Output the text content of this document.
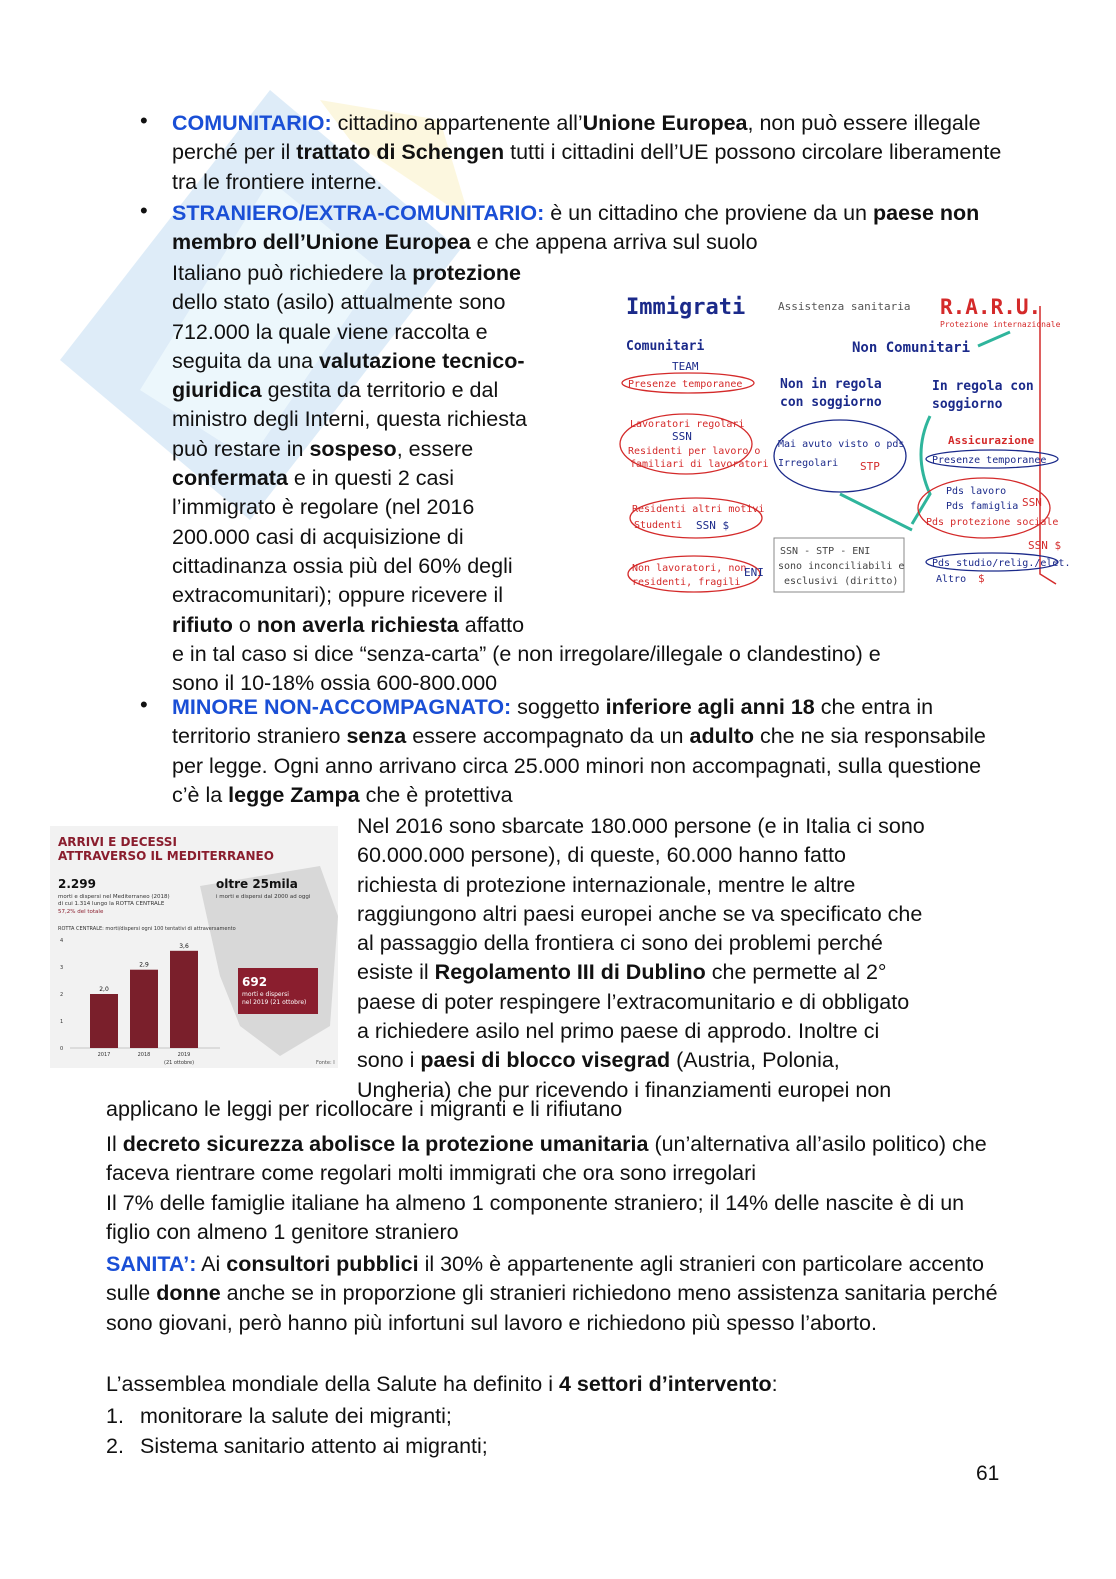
• COMUNITARIO: cittadino appartenente all’Unione Europea, non può essere illegale perché per il trattato di Schengen tutti i cittadini dell’UE possono circolare liberamente tra le frontiere interne.
• STRANIERO/EXTRA-COMUNITARIO: è un cittadino che proviene da un paese non membro dell’Unione Europea e che appena arriva sul suolo
Italiano può richiedere la protezione
dello stato (asilo) attualmente sono
712.000 la quale viene raccolta e
seguita da una valutazione tecnico-
giuridica gestita da territorio e dal
ministro degli Interni, questa richiesta
può restare in sospeso, essere
confermata e in questi 2 casi
l’immigrato è regolare (nel 2016
200.000 casi di acquisizione di
cittadinanza ossia più del 60% degli
extracomunitari); oppure ricevere il
rifiuto o non averla richiesta affatto
e in tal caso si dice “senza-carta” (e non irregolare/illegale o clandestino) e
sono il 10-18% ossia 600-800.000
Immigrati	Assistenza sanitaria R.A.R.U.
Protezione internazionale
Comunitari
TEAM
Presenze temporanee
Non Comunitari
Non in regola
con soggiorno
In regola con
soggiorno
Lavoratori regolari
SSN
Residenti per lavoro o
familiari di lavoratori
Mai avuto visto o pds
Irregolari STP
Assicurazione
Presenze temporanee
Residenti altri motivi
Studenti SSN $
Pds lavoro
Pds famiglia SSN
Pds protezione sociale
SSN $
Non lavoratori, non
residenti, fragili
ENI
SSN - STP - ENI
sono inconciliabili e
esclusivi (diritto)
Pds studio/relig./elet.
Altro $
• MINORE NON-ACCOMPAGNATO: soggetto inferiore agli anni 18 che entra in territorio straniero senza essere accompagnato da un adulto che ne sia responsabile per legge. Ogni anno arrivano circa 25.000 minori non accompagnati, sulla questione c’è la legge Zampa che è protettiva
ARRIVI E DECESSI
ATTRAVERSO IL MEDITERRANEO
2.299
morti e dispersi nel Mediterraneo (2018)
di cui 1.314 lungo la ROTTA CENTRALE
57,2% del totale
oltre 25mila
i morti e dispersi dal 2000 ad oggi
ROTTA CENTRALE: morti/dispersi ogni 100 tentativi di attraversamento
0
1
2
3
4
2,0
2017
2,9
2018
3,6
2019
(21 ottobre)
692
morti e dispersi
nel 2019 (21 ottobre)
Fonte: I
Nel 2016 sono sbarcate 180.000 persone (e in Italia ci sono
60.000.000 persone), di queste, 60.000 hanno fatto
richiesta di protezione internazionale, mentre le altre
raggiungono altri paesi europei anche se va specificato che
al passaggio della frontiera ci sono dei problemi perché
esiste il Regolamento III di Dublino che permette al 2°
paese di poter respingere l’extracomunitario e di obbligato
a richiedere asilo nel primo paese di approdo. Inoltre ci
sono i paesi di blocco visegrad (Austria, Polonia,
Ungheria) che pur ricevendo i finanziamenti europei non
applicano le leggi per ricollocare i migranti e li rifiutano
Il decreto sicurezza abolisce la protezione umanitaria (un’alternativa all’asilo politico) che faceva rientrare come regolari molti immigrati che ora sono irregolari
Il 7% delle famiglie italiane ha almeno 1 componente straniero; il 14% delle nascite è di un figlio con almeno 1 genitore straniero
SANITA’: Ai consultori pubblici il 30% è appartenente agli stranieri con particolare accento sulle donne anche se in proporzione gli stranieri richiedono meno assistenza sanitaria perché sono giovani, però hanno più infortuni sul lavoro e richiedono più spesso l’aborto.
L’assemblea mondiale della Salute ha definito i 4 settori d’intervento:
1. monitorare la salute dei migranti;
2. Sistema sanitario attento ai migranti;
61
